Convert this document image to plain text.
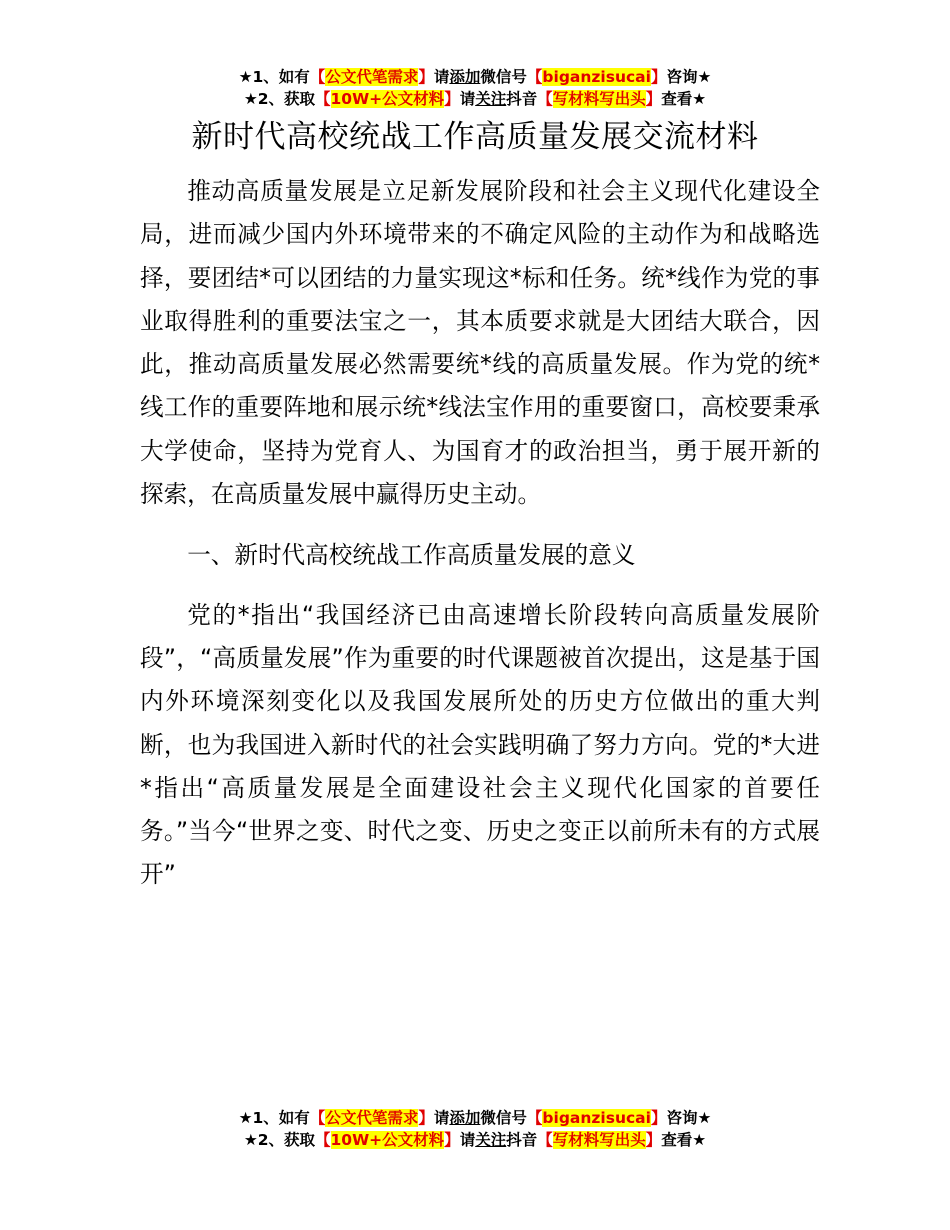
★1、如有【公文代笔需求】请添加微信号【biganzisucai】咨询★
★2、获取【10W+公文材料】请关注抖音【写材料写出头】查看★
新时代高校统战工作高质量发展交流材料

推动高质量发展是立足新发展阶段和社会主义现代化建设全局，进而减少国内外环境带来的不确定风险的主动作为和战略选择，要团结*可以团结的力量实现这*标和任务。统*线作为党的事业取得胜利的重要法宝之一，其本质要求就是大团结大联合，因此，推动高质量发展必然需要统*线的高质量发展。作为党的统*线工作的重要阵地和展示统*线法宝作用的重要窗口，高校要秉承大学使命，坚持为党育人、为国育才的政治担当，勇于展开新的探索，在高质量发展中赢得历史主动。

一、新时代高校统战工作高质量发展的意义

党的*指出“我国经济已由高速增长阶段转向高质量发展阶段”，“高质量发展”作为重要的时代课题被首次提出，这是基于国内外环境深刻变化以及我国发展所处的历史方位做出的重大判断，也为我国进入新时代的社会实践明确了努力方向。党的*大进*指出“高质量发展是全面建设社会主义现代化国家的首要任务。”当今“世界之变、时代之变、历史之变正以前所未有的方式展开”

★1、如有【公文代笔需求】请添加微信号【biganzisucai】咨询★
★2、获取【10W+公文材料】请关注抖音【写材料写出头】查看★
